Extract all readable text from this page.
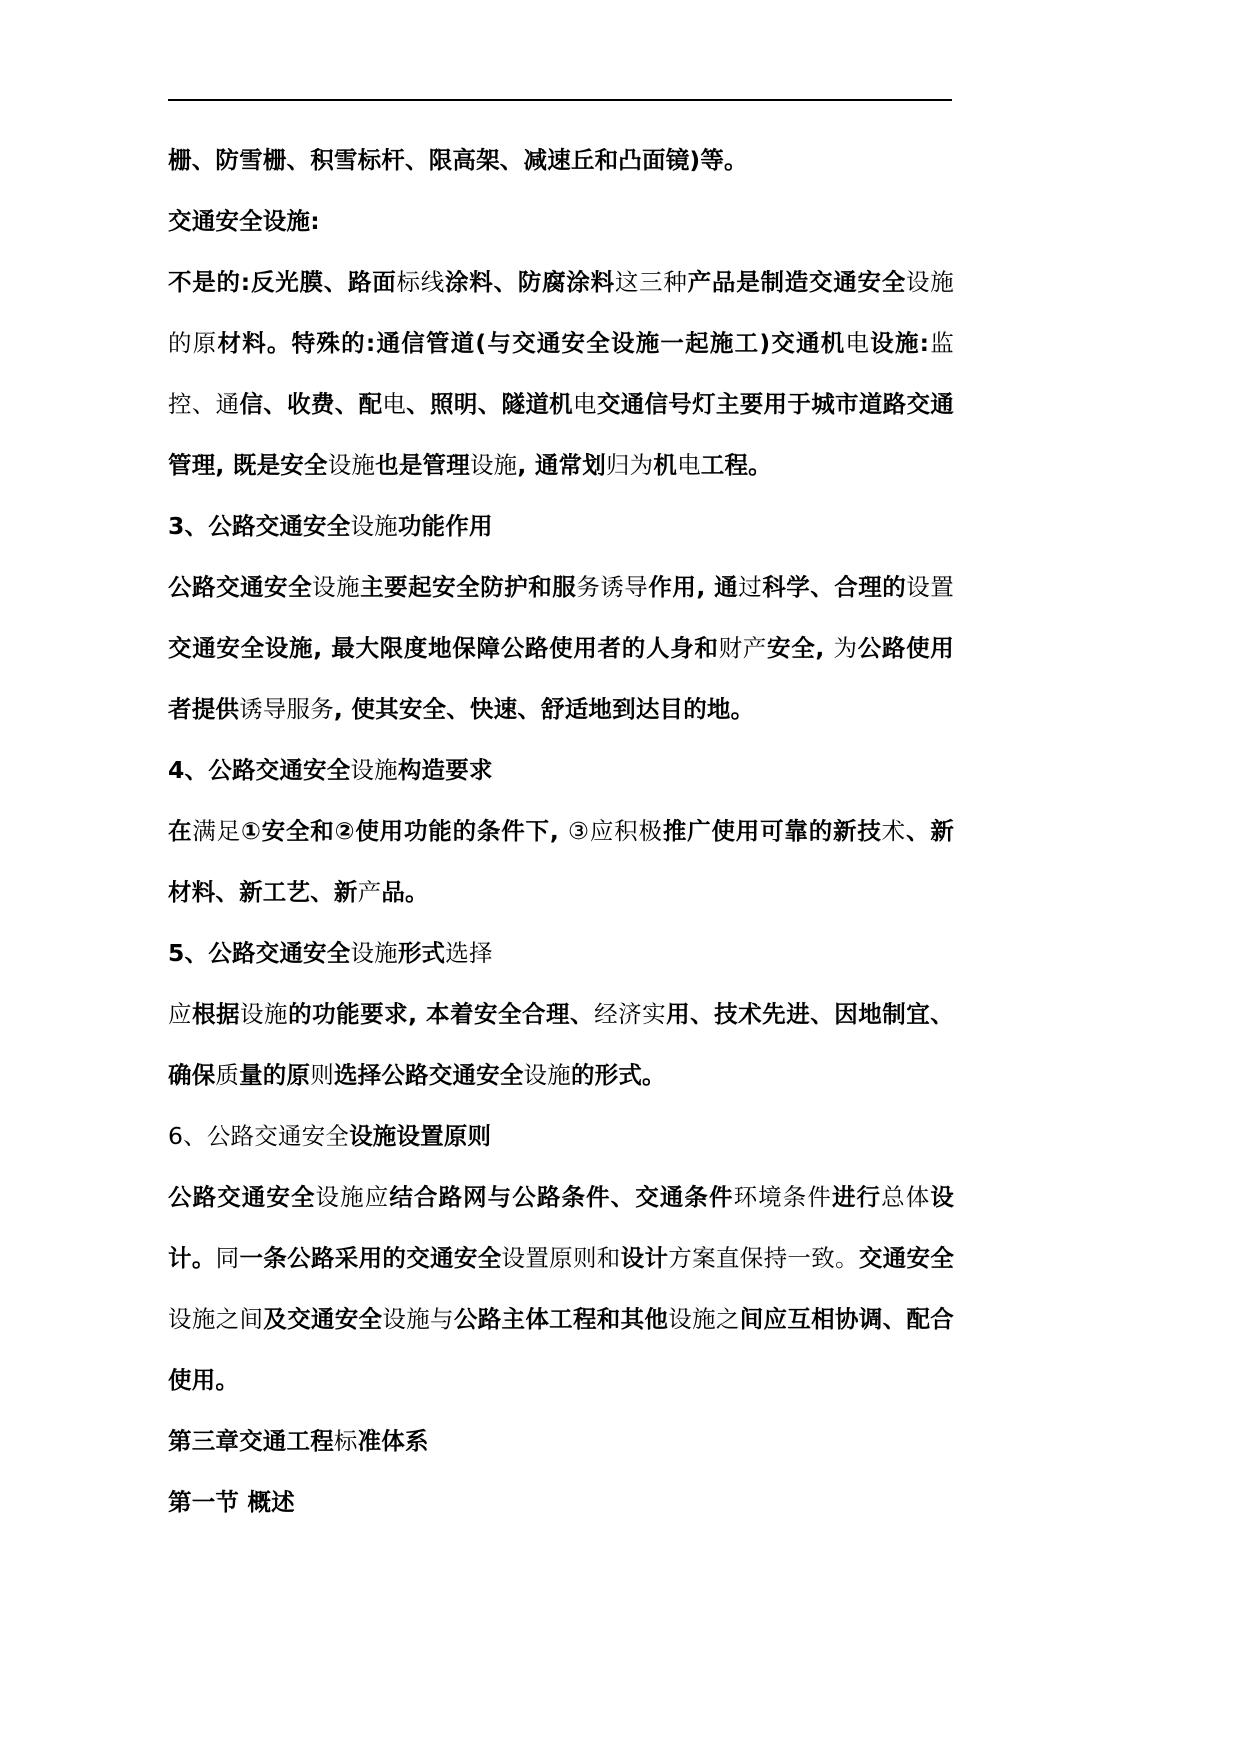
栅、防雪栅、积雪标杆、限高架、减速丘和凸面镜)等。

交通安全设施:

不是的:反光膜、路面标线涂料、防腐涂料这三种产品是制造交通安全设施的原材料。特殊的:通信管道(与交通安全设施一起施工)交通机电设施:监控、通信、收费、配电、照明、隧道机电交通信号灯主要用于城市道路交通管理, 既是安全设施也是管理设施, 通常划归为机电工程。

3、公路交通安全设施功能作用

公路交通安全设施主要起安全防护和服务诱导作用, 通过科学、合理的设置交通安全设施, 最大限度地保障公路使用者的人身和财产安全, 为公路使用者提供诱导服务, 使其安全、快速、舒适地到达目的地。

4、公路交通安全设施构造要求

在满足①安全和②使用功能的条件下, ③应积极推广使用可靠的新技术、新材料、新工艺、新产品。

5、公路交通安全设施形式选择

应根据设施的功能要求, 本着安全合理、经济实用、技术先进、因地制宜、确保质量的原则选择公路交通安全设施的形式。

6、公路交通安全设施设置原则

公路交通安全设施应结合路网与公路条件、交通条件环境条件进行总体设计。同一条公路采用的交通安全设置原则和设计方案直保持一致。交通安全设施之间及交通安全设施与公路主体工程和其他设施之间应互相协调、配合使用。

第三章交通工程标准体系

第一节 概述
